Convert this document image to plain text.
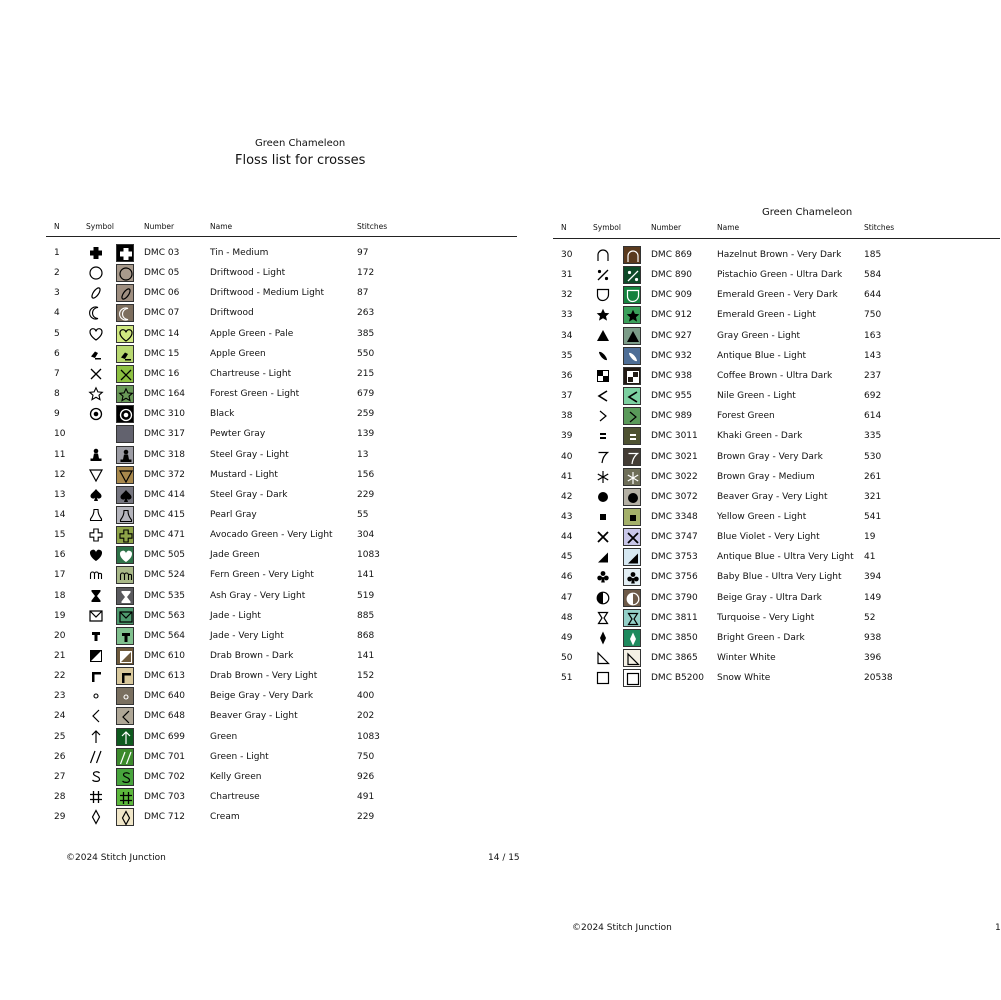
Green Chameleon
Floss list for crosses
N	Symbol	Number	Name	Stitches
1	DMC 03	Tin - Medium	97
2	DMC 05	Driftwood - Light	172
3	DMC 06	Driftwood - Medium Light	87
4	DMC 07	Driftwood	263
5	DMC 14	Apple Green - Pale	385
6	DMC 15	Apple Green	550
7	DMC 16	Chartreuse - Light	215
8	DMC 164	Forest Green - Light	679
9	DMC 310	Black	259
10	DMC 317	Pewter Gray	139
11	DMC 318	Steel Gray - Light	13
12	DMC 372	Mustard - Light	156
13	DMC 414	Steel Gray - Dark	229
14	DMC 415	Pearl Gray	55
15	DMC 471	Avocado Green - Very Light	304
16	DMC 505	Jade Green	1083
17	DMC 524	Fern Green - Very Light	141
18	DMC 535	Ash Gray - Very Light	519
19	DMC 563	Jade - Light	885
20	DMC 564	Jade - Very Light	868
21	DMC 610	Drab Brown - Dark	141
22	DMC 613	Drab Brown - Very Light	152
23	DMC 640	Beige Gray - Very Dark	400
24	DMC 648	Beaver Gray - Light	202
25	DMC 699	Green	1083
26	DMC 701	Green - Light	750
27	DMC 702	Kelly Green	926
28	DMC 703	Chartreuse	491
29	DMC 712	Cream	229
©2024 Stitch Junction	14 / 15
Green Chameleon
N	Symbol	Number	Name	Stitches
30	DMC 869	Hazelnut Brown - Very Dark	185
31	DMC 890	Pistachio Green - Ultra Dark 584
32	DMC 909	Emerald Green - Very Dark	644
33	DMC 912	Emerald Green - Light	750
34	DMC 927	Gray Green - Light	163
35	DMC 932	Antique Blue - Light	143
36	DMC 938	Coffee Brown - Ultra Dark	237
37	DMC 955	Nile Green - Light	692
38	DMC 989	Forest Green	614
39	DMC 3011 Khaki Green - Dark	335
40	DMC 3021 Brown Gray - Very Dark	530
41	DMC 3022 Brown Gray - Medium	261
42	DMC 3072 Beaver Gray - Very Light	321
43	DMC 3348 Yellow Green - Light	541
44	DMC 3747 Blue Violet - Very Light	19
45	DMC 3753 Antique Blue - Ultra Very Light 41
46	DMC 3756 Baby Blue - Ultra Very Light 394
47	DMC 3790 Beige Gray - Ultra Dark	149
48	DMC 3811 Turquoise - Very Light	52
49	DMC 3850 Bright Green - Dark	938
50	DMC 3865 Winter White	396
51	DMC B5200 Snow White	20538
©2024 Stitch Junction	1
